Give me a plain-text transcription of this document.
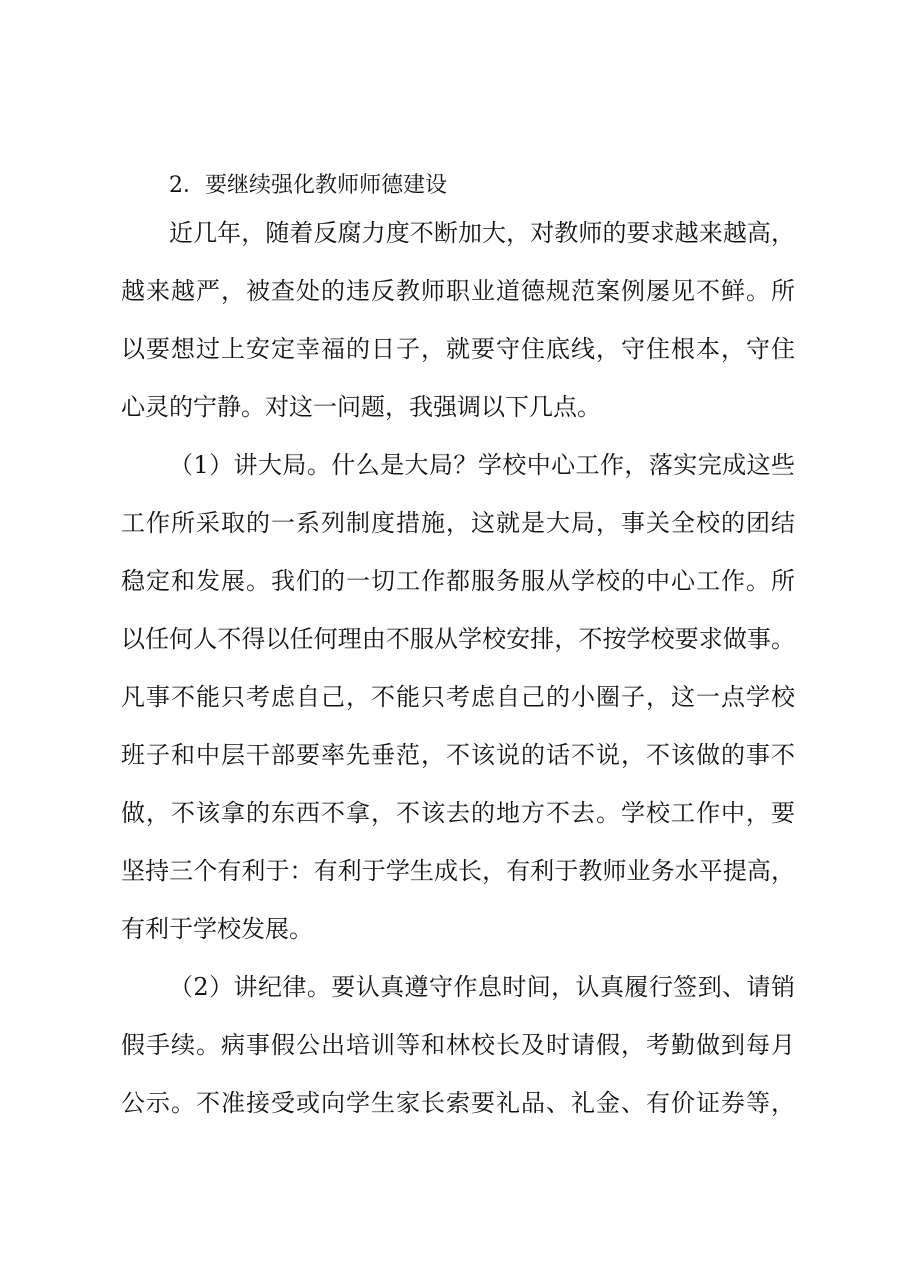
2．要继续强化教师师德建设
近几年，随着反腐力度不断加大，对教师的要求越来越高，
越来越严，被查处的违反教师职业道德规范案例屡见不鲜。所
以要想过上安定幸福的日子，就要守住底线，守住根本，守住
心灵的宁静。对这一问题，我强调以下几点。
（1）讲大局。什么是大局？学校中心工作，落实完成这些
工作所采取的一系列制度措施，这就是大局，事关全校的团结
稳定和发展。我们的一切工作都服务服从学校的中心工作。所
以任何人不得以任何理由不服从学校安排，不按学校要求做事。
凡事不能只考虑自己，不能只考虑自己的小圈子，这一点学校
班子和中层干部要率先垂范，不该说的话不说，不该做的事不
做，不该拿的东西不拿，不该去的地方不去。学校工作中，要
坚持三个有利于：有利于学生成长，有利于教师业务水平提高，
有利于学校发展。
（2）讲纪律。要认真遵守作息时间，认真履行签到、请销
假手续。病事假公出培训等和林校长及时请假，考勤做到每月
公示。不准接受或向学生家长索要礼品、礼金、有价证券等，
